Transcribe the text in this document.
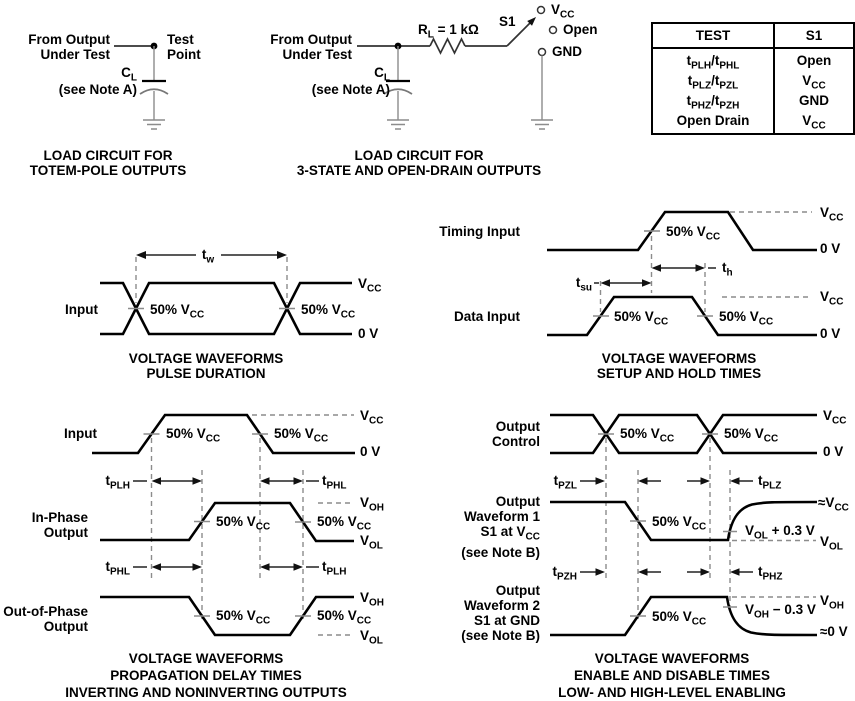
From Output
Under Test
Test
Point
$C_L$
(see Note A)
LOAD CIRCUIT FOR
TOTEM-POLE OUTPUTS
From Output
Under Test
$R_L = 1$ kΩ
S1
$V_{CC}$
Open
GND
$C_L$
(see Note A)
LOAD CIRCUIT FOR
3-STATE AND OPEN-DRAIN OUTPUTS
TEST	S1
$t_{PLH}/t_{PHL}$	Open
$t_{PLZ}/t_{PZL}$	$V_{CC}$
$t_{PHZ}/t_{PZH}$	GND
Open Drain	$V_{CC}$
$t_w$
Input	50% $V_{CC}$	50% $V_{CC}$
$V_{CC}$
0 V
VOLTAGE WAVEFORMS
PULSE DURATION
Timing Input	50% $V_{CC}$
$V_{CC}$
0 V
$t_h$
$t_{su}$
Data Input	50% $V_{CC}$	50% $V_{CC}$
$V_{CC}$
0 V
VOLTAGE WAVEFORMS
SETUP AND HOLD TIMES
Input	50% $V_{CC}$	50% $V_{CC}$
$V_{CC}$
0 V
$t_{PLH}$	$t_{PHL}$
In-Phase
Output
50% $V_{CC}$	50% $V_{CC}$
$V_{OH}$
$V_{OL}$
$t_{PHL}$	$t_{PLH}$
Out-of-Phase
Output
50% $V_{CC}$	50% $V_{CC}$
$V_{OH}$
$V_{OL}$
VOLTAGE WAVEFORMS
PROPAGATION DELAY TIMES
INVERTING AND NONINVERTING OUTPUTS
Output
Control
50% $V_{CC}$	50% $V_{CC}$
$V_{CC}$
0 V
$t_{PZL}$	$t_{PLZ}$
Output
Waveform 1
S1 at $V_{CC}$
(see Note B)
50% $V_{CC}$
$\approx V_{CC}$
$V_{OL} + 0.3$ V
$V_{OL}$
$t_{PZH}$	$t_{PHZ}$
Output
Waveform 2
S1 at GND
(see Note B)
50% $V_{CC}$
$V_{OH}$
$V_{OH} - 0.3$ V
≈0 V
VOLTAGE WAVEFORMS
ENABLE AND DISABLE TIMES
LOW- AND HIGH-LEVEL ENABLING
